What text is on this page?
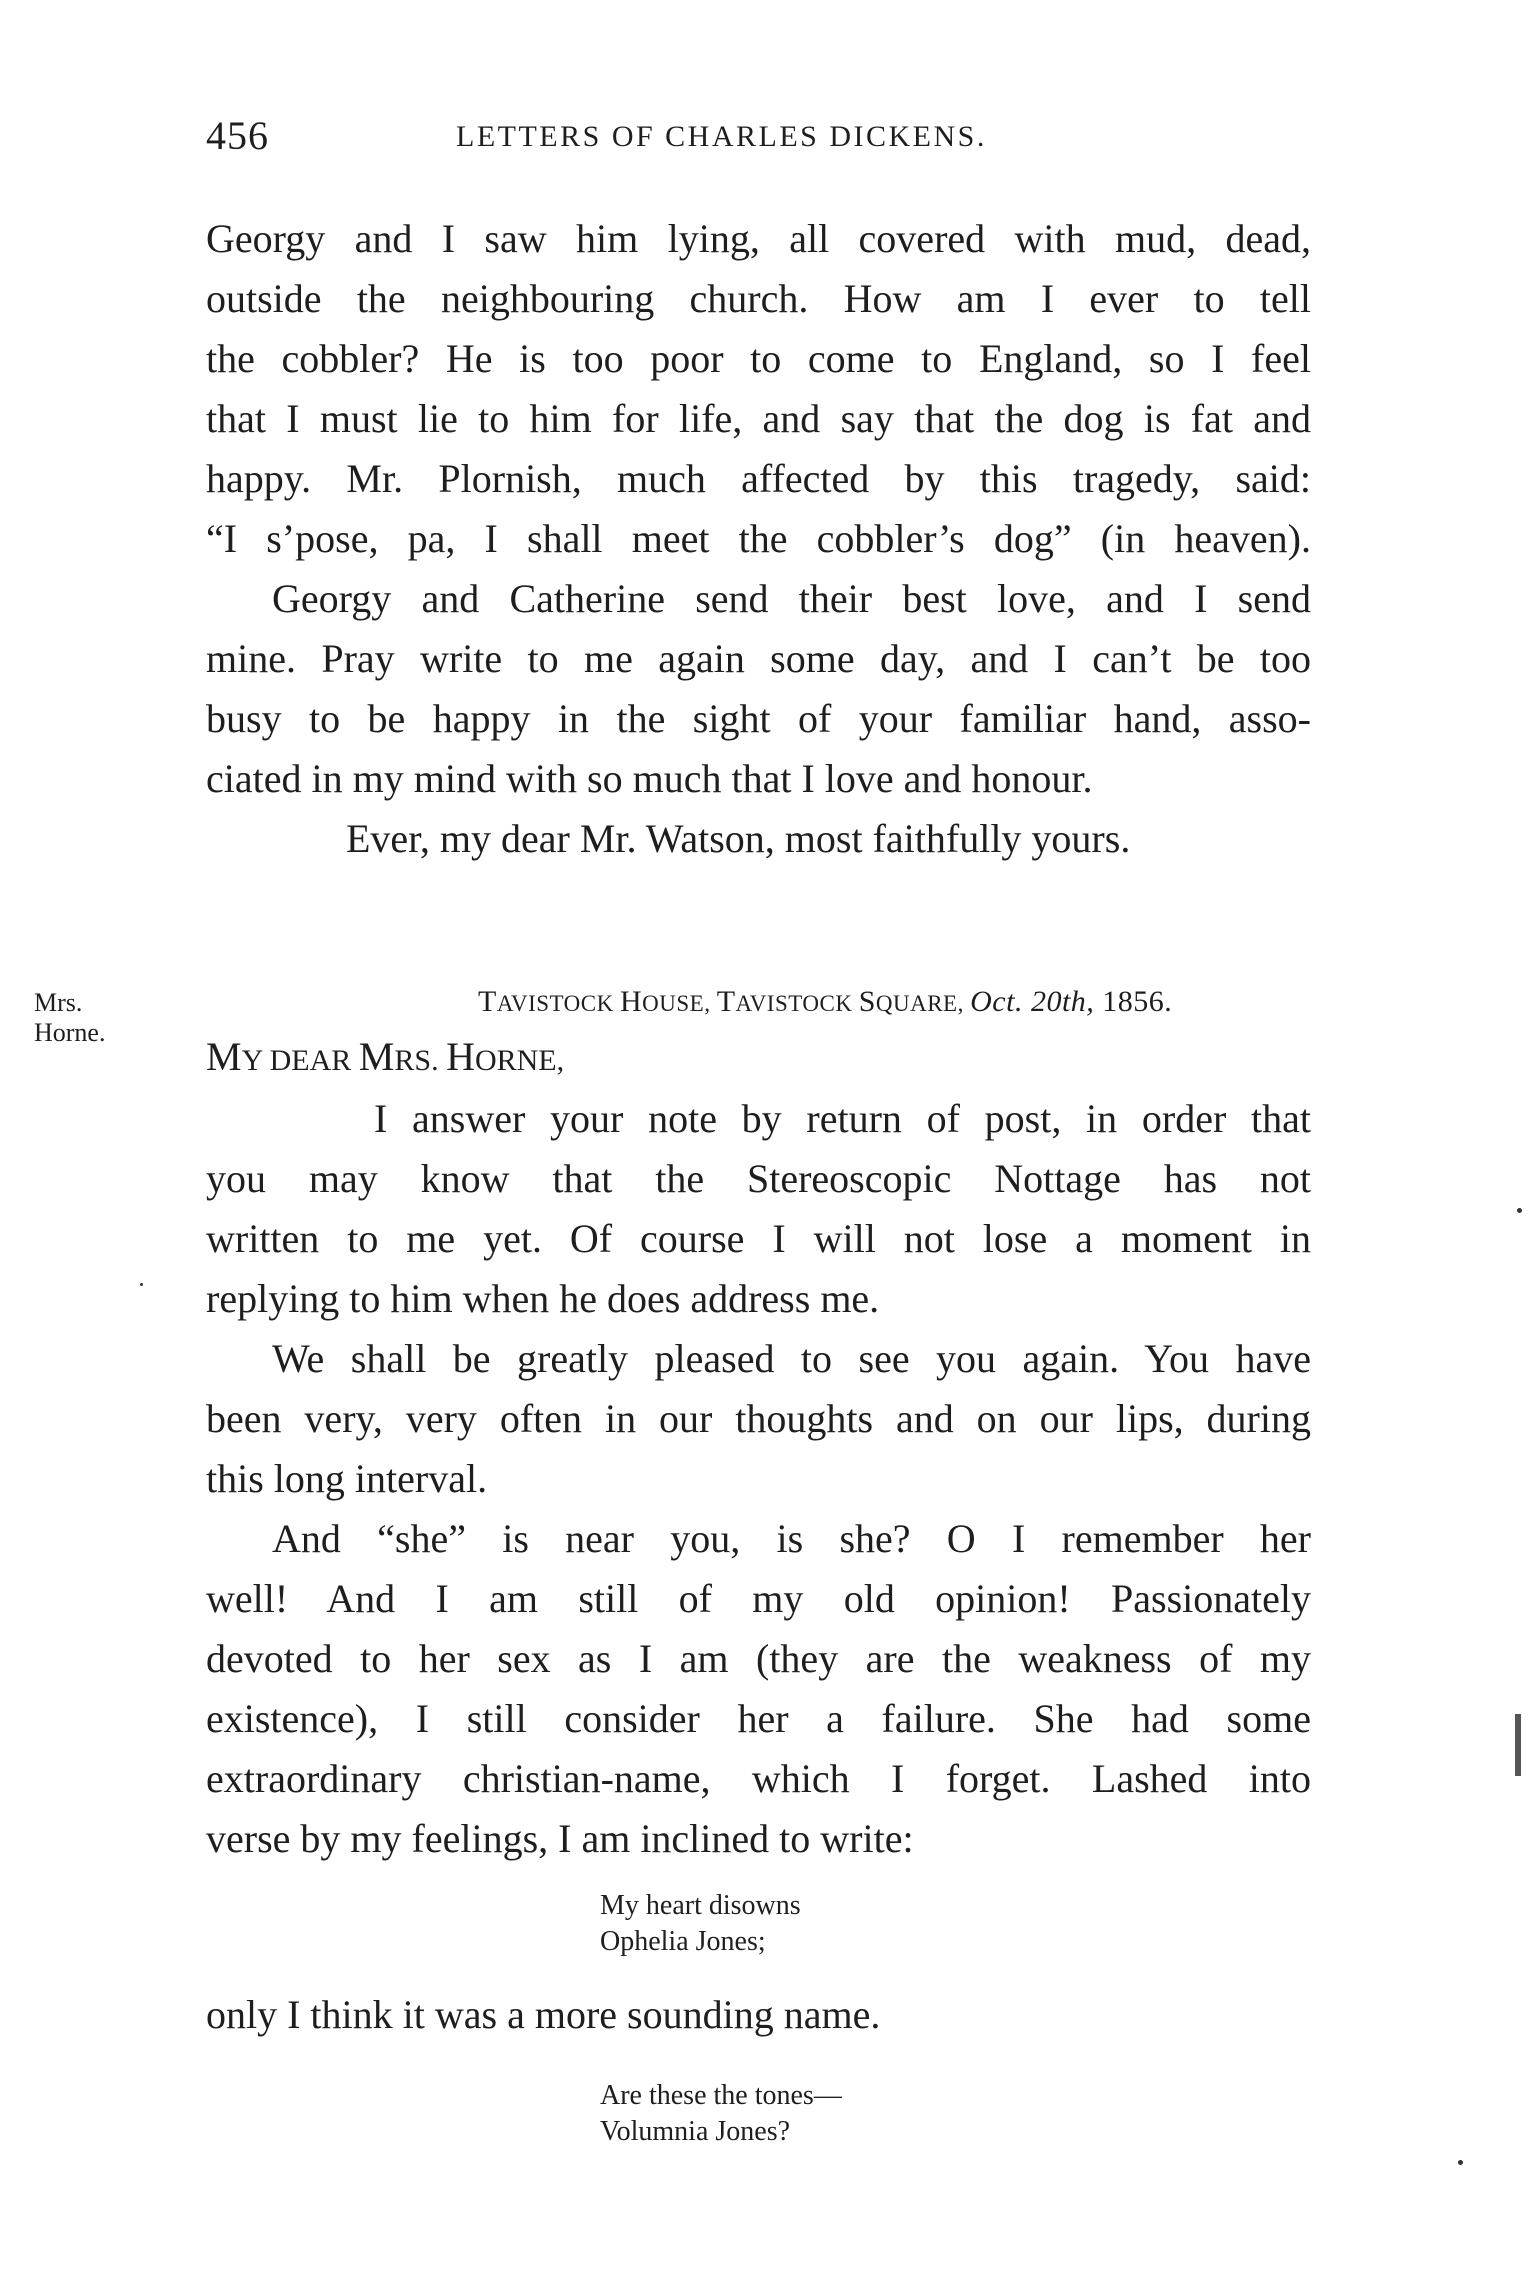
456	LETTERS OF CHARLES DICKENS.
Georgy and I saw him lying, all covered with mud, dead,
outside the neighbouring church. How am I ever to tell
the cobbler? He is too poor to come to England, so I feel
that I must lie to him for life, and say that the dog is fat and
happy. Mr. Plornish, much affected by this tragedy, said:
“I s’pose, pa, I shall meet the cobbler’s dog” (in heaven).
Georgy and Catherine send their best love, and I send
mine. Pray write to me again some day, and I can’t be too
busy to be happy in the sight of your familiar hand, asso-
ciated in my mind with so much that I love and honour.
Ever, my dear Mr. Watson, most faithfully yours.
Mrs.
Horne.
TAVISTOCK HOUSE, TAVISTOCK SQUARE, Oct. 20th, 1856.
MY DEAR MRS. HORNE,
I answer your note by return of post, in order that
you may know that the Stereoscopic Nottage has not
written to me yet. Of course I will not lose a moment in
replying to him when he does address me.
We shall be greatly pleased to see you again. You have
been very, very often in our thoughts and on our lips, during
this long interval.
And “she” is near you, is she? O I remember her
well! And I am still of my old opinion! Passionately
devoted to her sex as I am (they are the weakness of my
existence), I still consider her a failure. She had some
extraordinary christian-name, which I forget. Lashed into
verse by my feelings, I am inclined to write:
My heart disowns
Ophelia Jones;
only I think it was a more sounding name.
Are these the tones—
Volumnia Jones?
